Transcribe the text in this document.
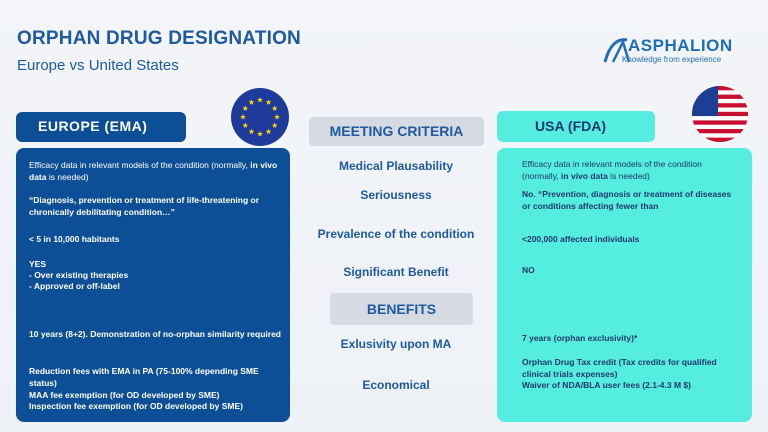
ORPHAN DRUG DESIGNATION
Europe vs United States
ASPHALION
Knowledge from experience
EUROPE (EMA)
Efficacy data in relevant models of the condition (normally, in vivo data is needed)
“Diagnosis, prevention or treatment of life-threatening or chronically debilitating condition…”
< 5 in 10,000 habitants
YES
- Over existing therapies
- Approved or off-label
10 years (8+2). Demonstration of no-orphan similarity required
Reduction fees with EMA in PA (75-100% depending SME status)
MAA fee exemption (for OD developed by SME)
Inspection fee exemption (for OD developed by SME)
USA (FDA)
Efficacy data in relevant models of the condition (normally, in vivo data is needed)
No. “Prevention, diagnosis or treatment of diseases or conditions affecting fewer than
<200,000 affected individuals
NO
7 years (orphan exclusivity)*
Orphan Drug Tax credit (Tax credits for qualified clinical trials expenses)
Waiver of NDA/BLA user fees (2.1-4.3 M $)
MEETING CRITERIA
Medical Plausability
Seriousness
Prevalence of the condition
Significant Benefit
BENEFITS
Exlusivity upon MA
Economical
